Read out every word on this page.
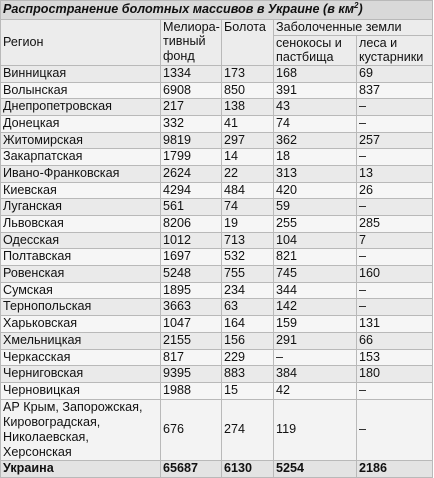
Распространение болотных массивов в Украине (в $км^2$)				
Регион	Мелиора-тивный фонд	Болота	Заболоченные земли	
			сенокосы и пастбища	леса и кустарники
Винницкая	1334	173	168	69
Волынская	6908	850	391	837
Днепропетровская	217	138	43	–
Донецкая	332	41	74	–
Житомирская	9819	297	362	257
Закарпатская	1799	14	18	–
Ивано-Франковская	2624	22	313	13
Киевская	4294	484	420	26
Луганская	561	74	59	–
Львовская	8206	19	255	285
Одесская	1012	713	104	7
Полтавская	1697	532	821	–
Ровенская	5248	755	745	160
Сумская	1895	234	344	–
Тернопольская	3663	63	142	–
Харьковская	1047	164	159	131
Хмельницкая	2155	156	291	66
Черкасская	817	229	–	153
Черниговская	9395	883	384	180
Черновицкая	1988	15	42	–
АР Крым, Запорожская, Кировоградская, Николаевская, Херсонская	676	274	119	–
Украина	65687	6130	5254	2186
